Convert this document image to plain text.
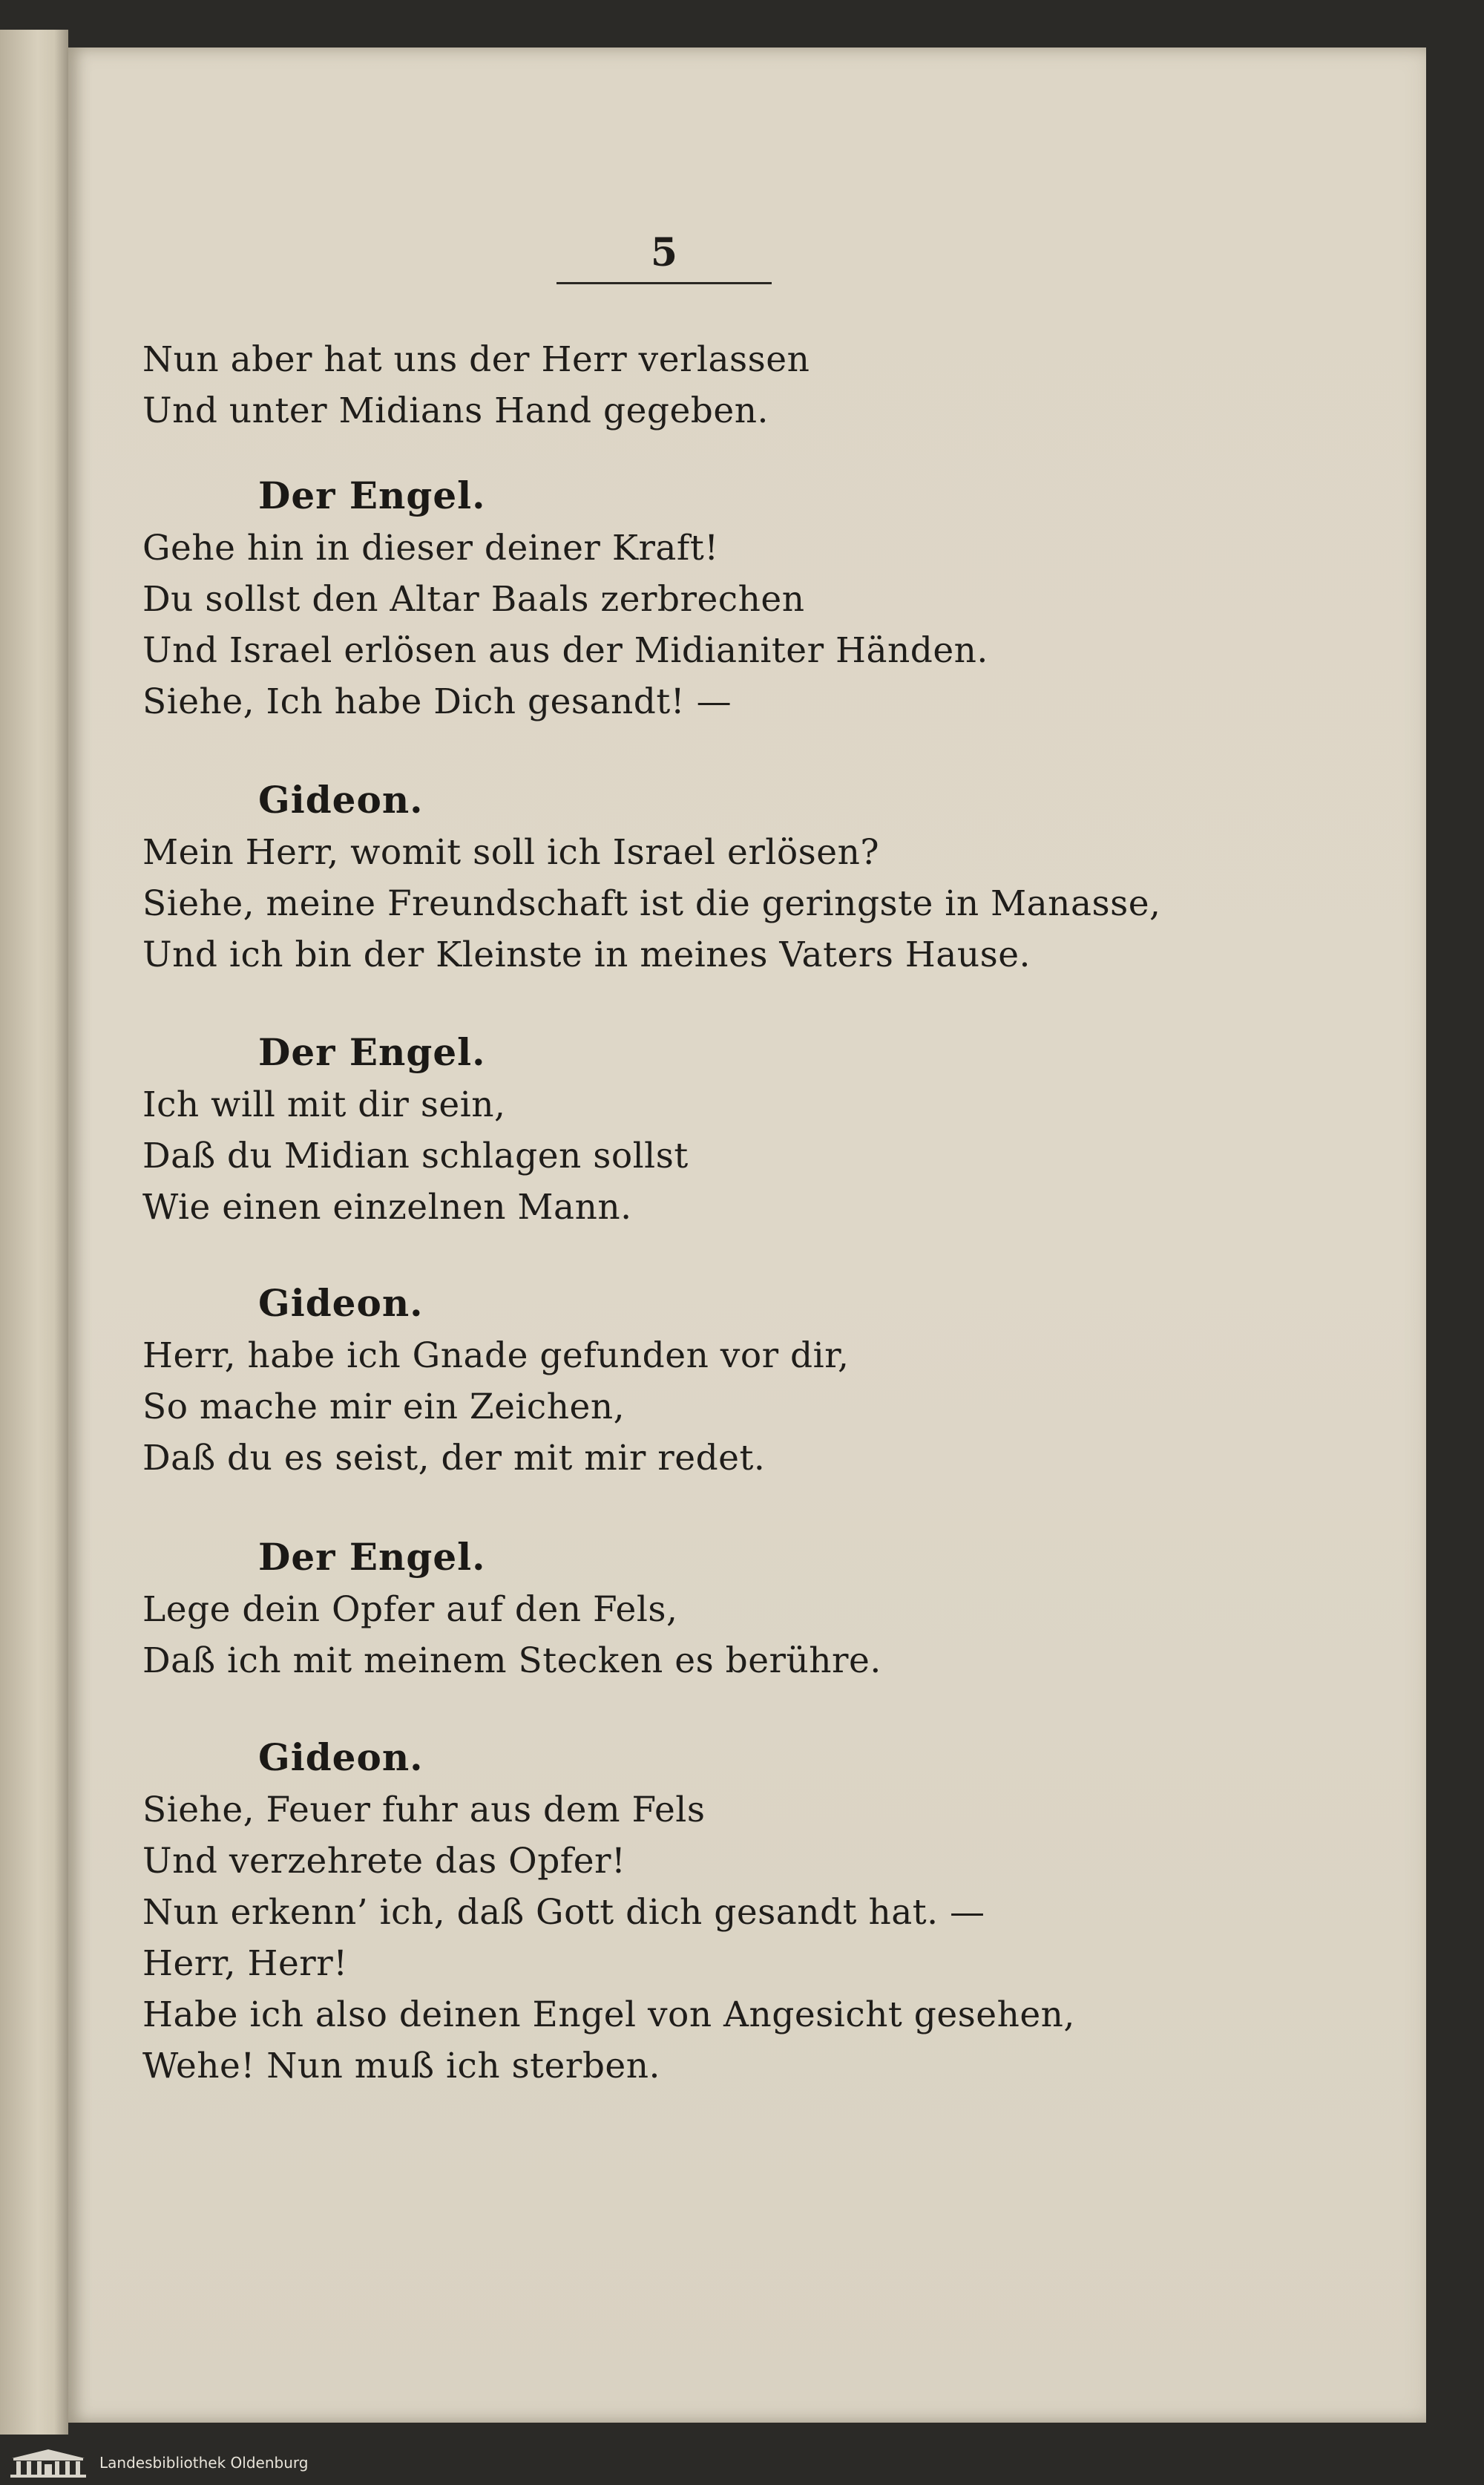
5
Nun aber hat uns der Herr verlassen
Und unter Midians Hand gegeben.
Der Engel.
Gehe hin in dieser deiner Kraft!
Du sollst den Altar Baals zerbrechen
Und Israel erlösen aus der Midianiter Händen.
Siehe, Ich habe Dich gesandt! —
Gideon.
Mein Herr, womit soll ich Israel erlösen?
Siehe, meine Freundschaft ist die geringste in Manasse,
Und ich bin der Kleinste in meines Vaters Hause.
Der Engel.
Ich will mit dir sein,
Daß du Midian schlagen sollst
Wie einen einzelnen Mann.
Gideon.
Herr, habe ich Gnade gefunden vor dir,
So mache mir ein Zeichen,
Daß du es seist, der mit mir redet.
Der Engel.
Lege dein Opfer auf den Fels,
Daß ich mit meinem Stecken es berühre.
Gideon.
Siehe, Feuer fuhr aus dem Fels
Und verzehrete das Opfer!
Nun erkenn’ ich, daß Gott dich gesandt hat. —
Herr, Herr!
Habe ich also deinen Engel von Angesicht gesehen,
Wehe! Nun muß ich sterben.
Landesbibliothek Oldenburg
